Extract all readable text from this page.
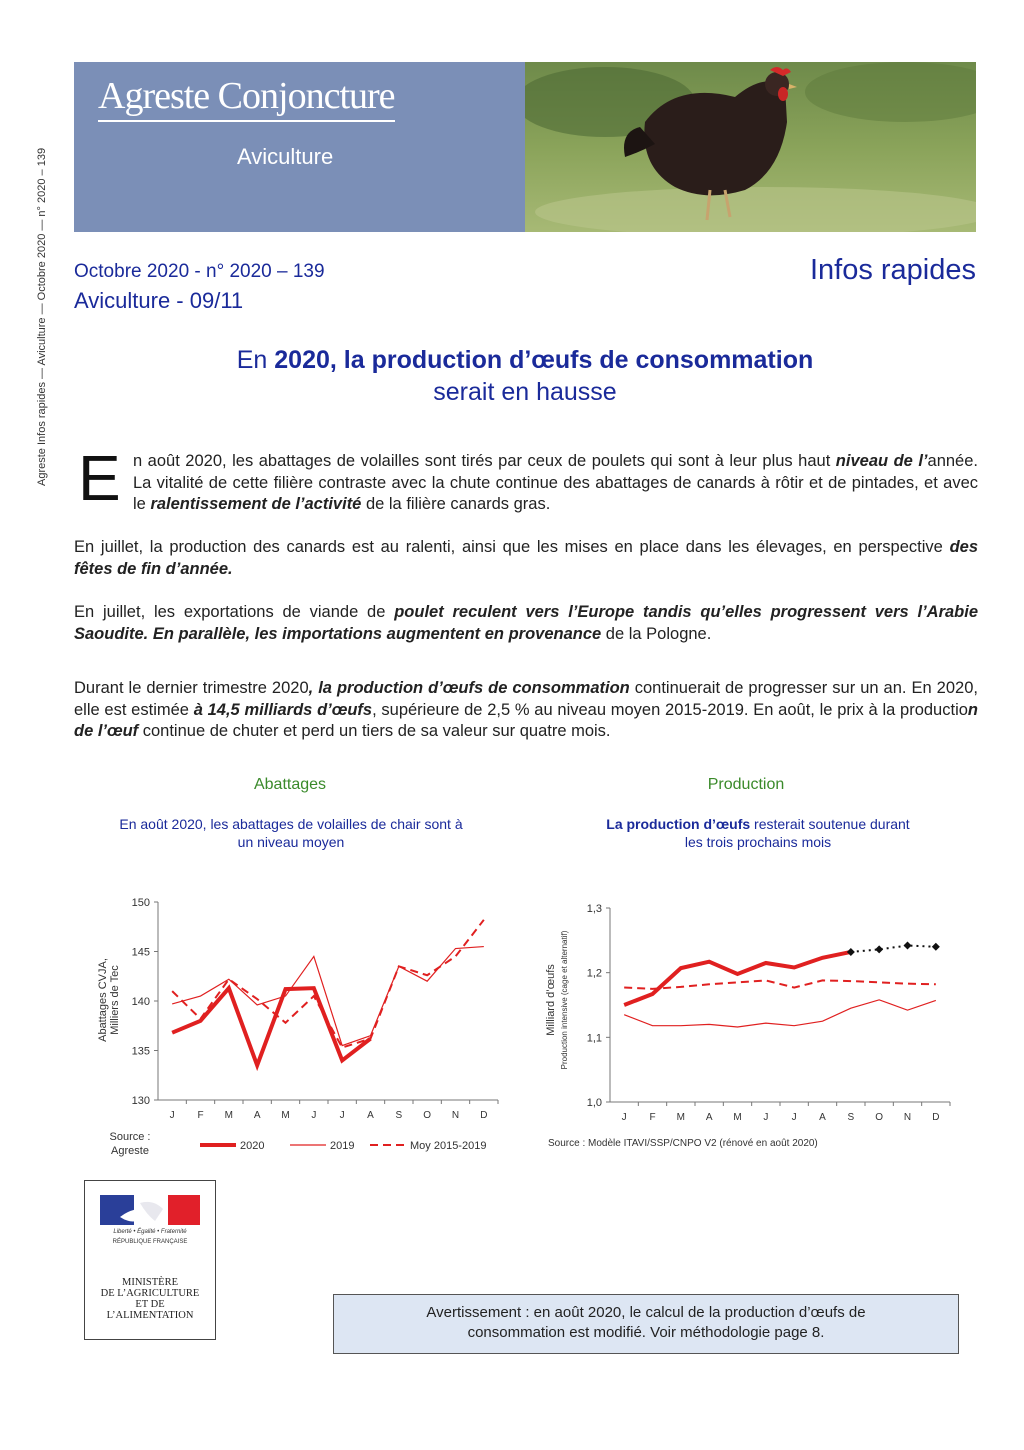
Agreste Infos rapides — Aviculture — Octobre 2020 — n° 2020 – 139
Agreste Conjoncture
Aviculture
Octobre 2020 - n° 2020 – 139
Aviculture - 09/11
Infos rapides
En 2020, la production d’œufs de consommation
serait en hausse
E n août 2020, les abattages de volailles sont tirés par ceux de poulets qui sont à leur plus haut niveau de l’année. La vitalité de cette filière contraste avec la chute continue des abattages de canards à rôtir et de pintades, et avec le ralentissement de l’activité de la filière canards gras.
En juillet, la production des canards est au ralenti, ainsi que les mises en place dans les élevages, en perspective des fêtes de fin d’année.
En juillet, les exportations de viande de poulet reculent vers l’Europe tandis qu’elles progressent vers l’Arabie Saoudite. En parallèle, les importations augmentent en provenance de la Pologne.
Durant le dernier trimestre 2020, la production d’œufs de consommation continuerait de progresser sur un an. En 2020, elle est estimée à 14,5 milliards d’œufs, supérieure de 2,5 % au niveau moyen 2015-2019. En août, le prix à la production de l’œuf continue de chuter et perd un tiers de sa valeur sur quatre mois.
Abattages
En août 2020, les abattages de volailles de chair sont à un niveau moyen
Production
La production d’œufs resterait soutenue durant les trois prochains mois
130
135
140
145
150
J F M A M J J A S O N D
Abattages CVJA,Milliers de Tec
Source :
Agreste	2020	2019	Moy 2015-2019
1,0
1,1
1,2
1,3
J F M A M J J A S O N D
Milliard d’œufs Production intensive (cage et alternatif)
Source : Modèle ITAVI/SSP/CNPO V2 (rénové en août 2020)
Liberté • Égalité • Fraternité
RÉPUBLIQUE FRANÇAISE
MINISTÈRE
DE L’AGRICULTURE
ET DE
L’ALIMENTATION	Avertissement : en août 2020, le calcul de la production d’œufs de
consommation est modifié. Voir méthodologie page 8.
